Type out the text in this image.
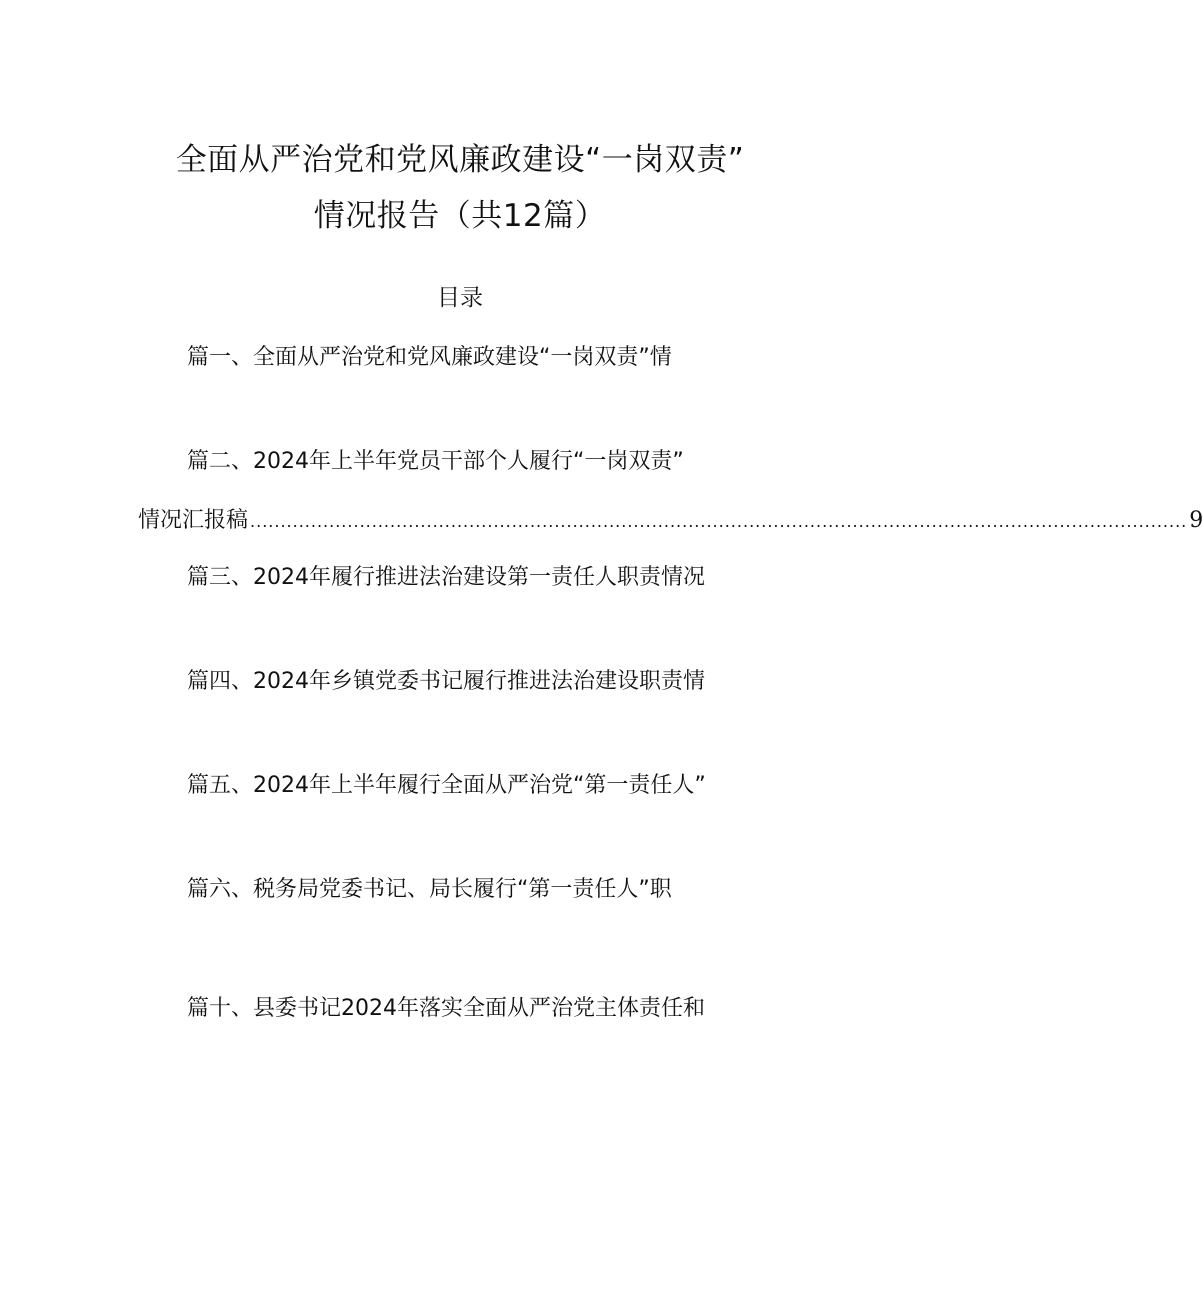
全面从严治党和党风廉政建设“一岗双责”
情况报告（共12篇）
目录
篇一、全面从严治党和党风廉政建设“一岗双责”情
篇二、2024年上半年党员干部个人履行“一岗双责”
情况汇报稿 .......................................................................................................................................................... 9
篇三、2024年履行推进法治建设第一责任人职责情况
篇四、2024年乡镇党委书记履行推进法治建设职责情
篇五、2024年上半年履行全面从严治党“第一责任人”
篇六、税务局党委书记、局长履行“第一责任人”职
篇十、县委书记2024年落实全面从严治党主体责任和
